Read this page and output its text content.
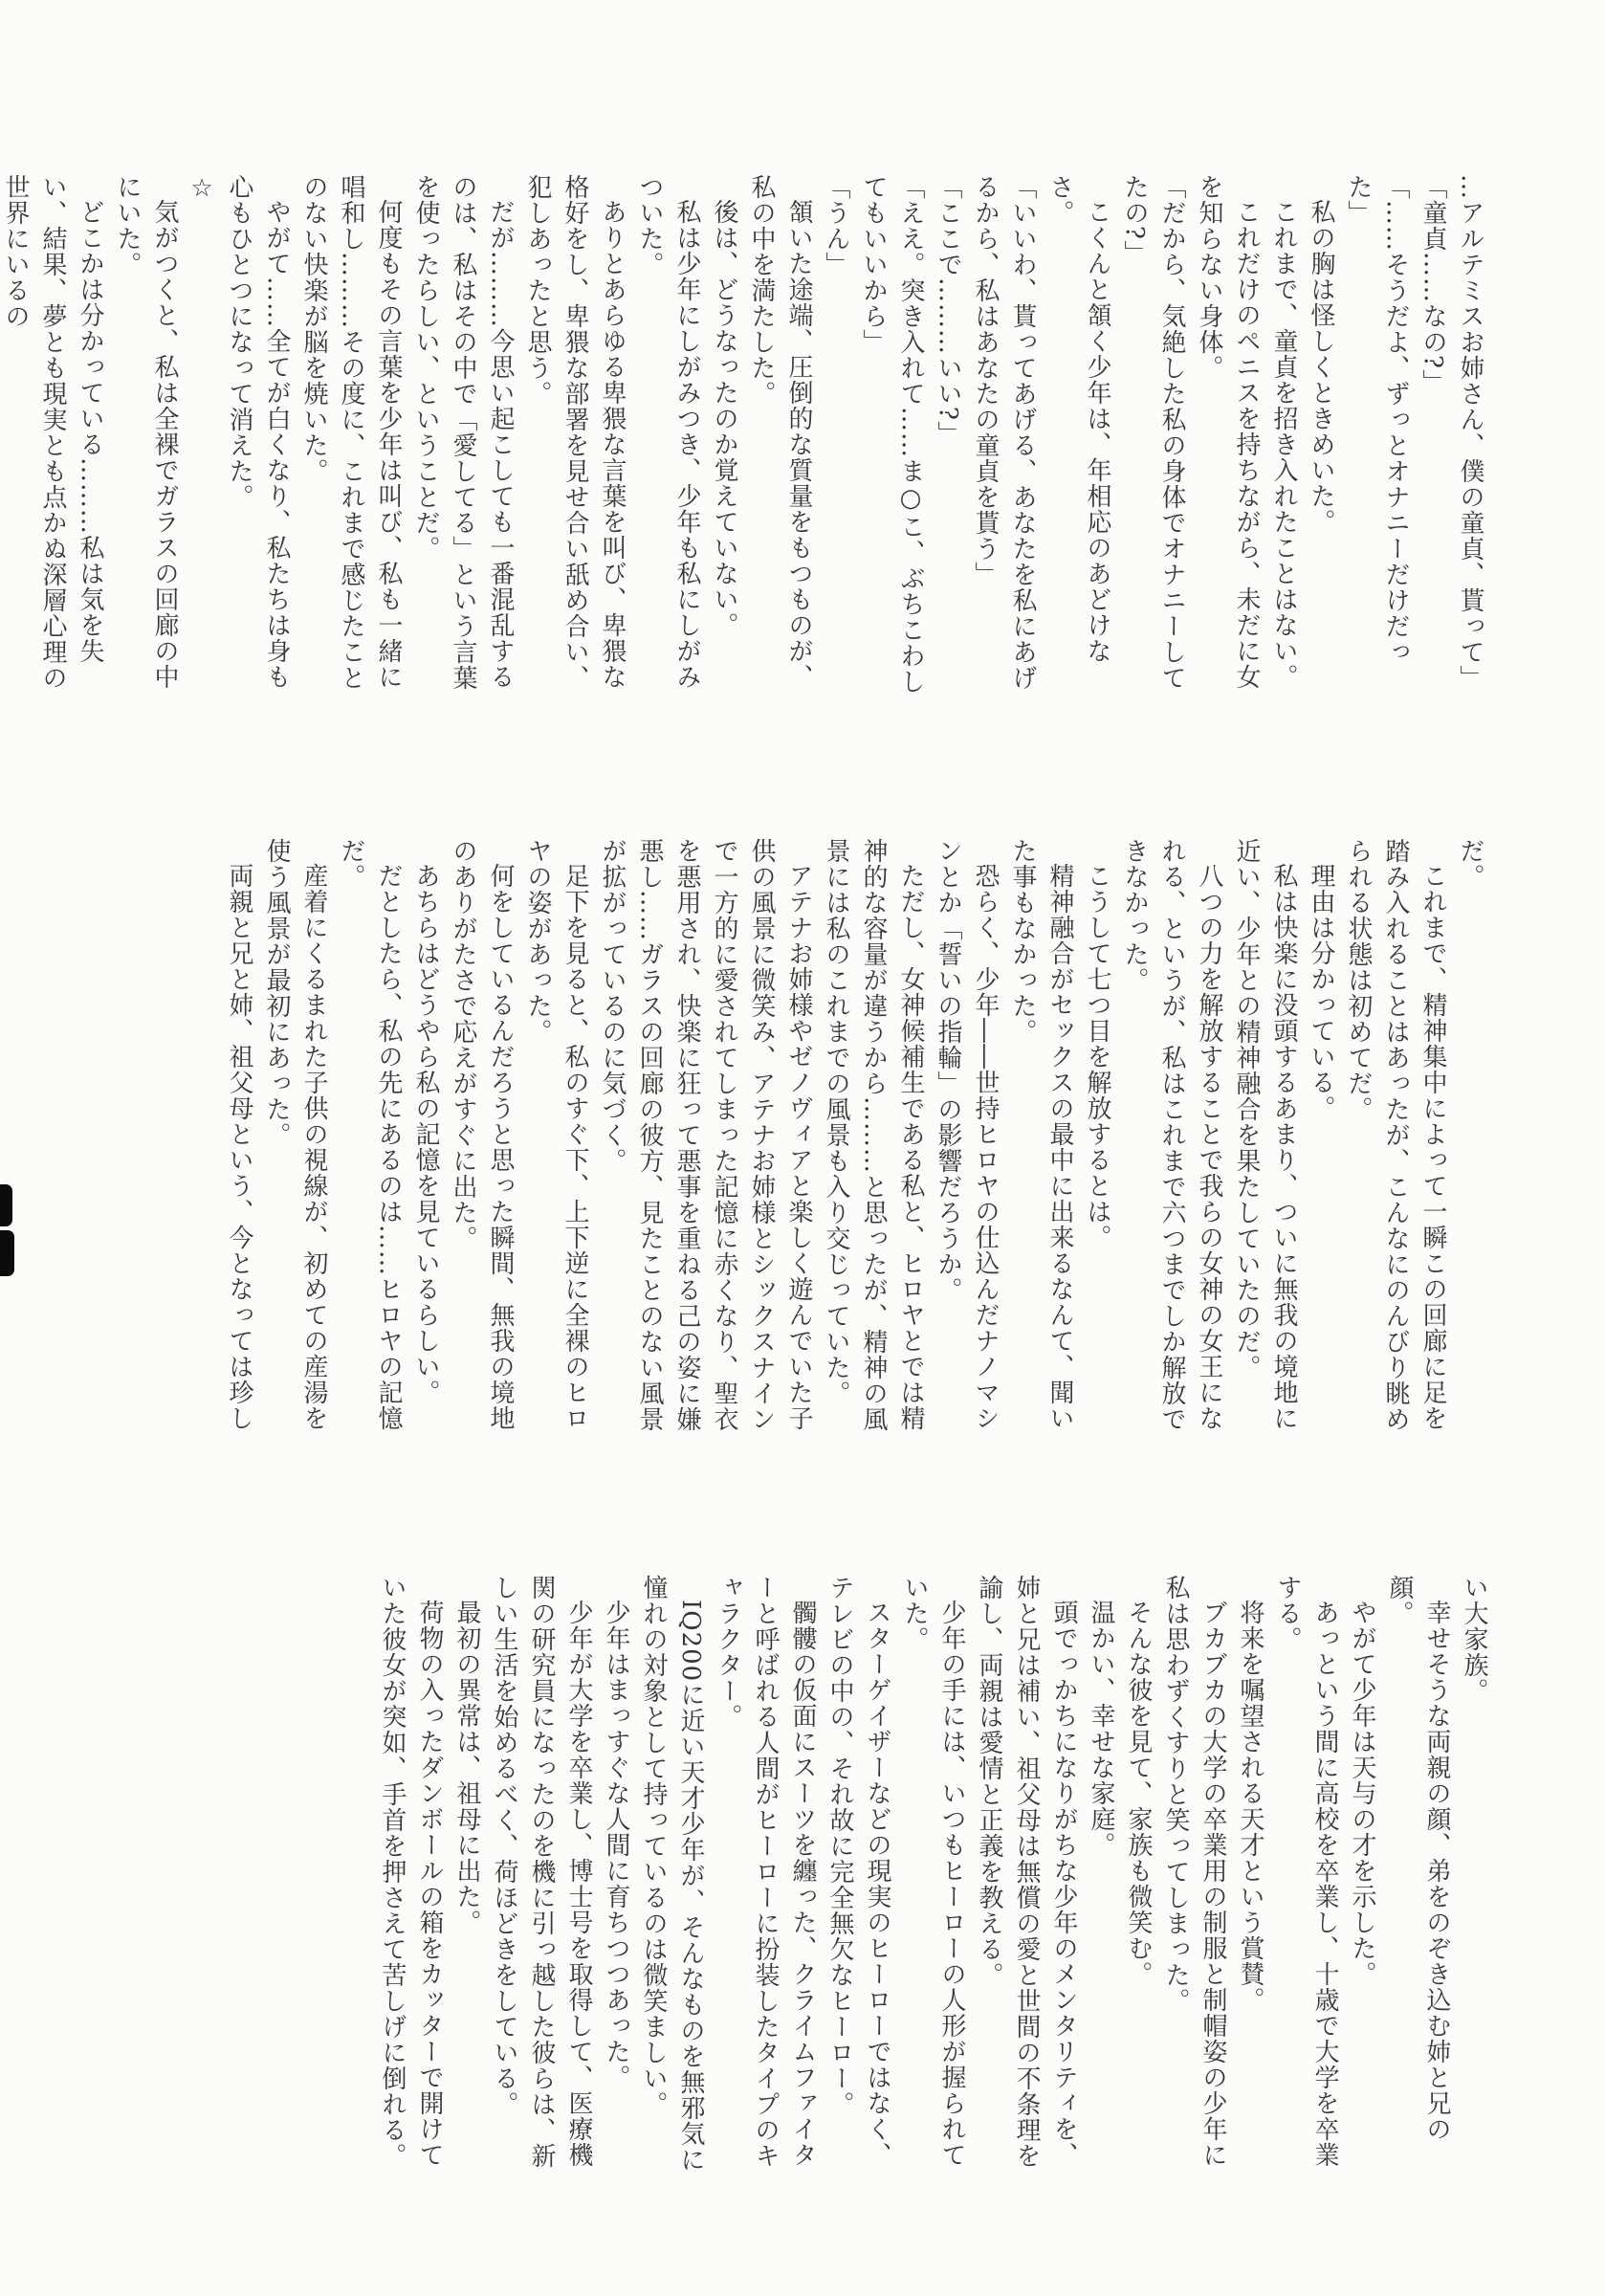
…アルテミスお姉さん、僕の童貞、貰って」

「童貞……なの?」

「……そうだよ、ずっとオナニーだけだった」

私の胸は怪しくときめいた。

これまで、童貞を招き入れたことはない。

これだけのペニスを持ちながら、未だに女を知らない身体。

「だから、気絶した私の身体でオナニーしてたの?」

こくんと頷く少年は、年相応のあどけなさ。

「いいわ、貰ってあげる、あなたを私にあげるから、私はあなたの童貞を貰う」

「ここで………いい?」

「ええ。突き入れて……ま○こ、ぶちこわしてもいいから」

「うん」

頷いた途端、圧倒的な質量をもつものが、私の中を満たした。

後は、どうなったのか覚えていない。

私は少年にしがみつき、少年も私にしがみついた。

ありとあらゆる卑猥な言葉を叫び、卑猥な格好をし、卑猥な部署を見せ合い舐め合い、犯しあったと思う。

だが………今思い起こしても一番混乱するのは、私はその中で「愛してる」という言葉を使ったらしい、ということだ。

何度もその言葉を少年は叫び、私も一緒に唱和し………その度に、これまで感じたことのない快楽が脳を焼いた。

やがて……全てが白くなり、私たちは身も心もひとつになって消えた。

☆

気がつくと、私は全裸でガラスの回廊の中にいた。

どこかは分かっている………私は気を失い、結果、夢とも現実とも点かぬ深層心理の世界にいるの

だ。

これまで、精神集中によって一瞬この回廊に足を踏み入れることはあったが、こんなにのんびり眺められる状態は初めてだ。

理由は分かっている。

私は快楽に没頭するあまり、ついに無我の境地に近い、少年との精神融合を果たしていたのだ。

八つの力を解放することで我らの女神の女王になれる、というが、私はこれまで六つまでしか解放できなかった。

こうして七つ目を解放するとは。

精神融合がセックスの最中に出来るなんて、聞いた事もなかった。

恐らく、少年――世持ヒロヤの仕込んだナノマシンとか「誓いの指輪」の影響だろうか。

ただし、女神候補生である私と、ヒロヤとでは精神的な容量が違うから………と思ったが、精神の風景には私のこれまでの風景も入り交じっていた。

アテナお姉様やゼノヴィアと楽しく遊んでいた子供の風景に微笑み、アテナお姉様とシックスナインで一方的に愛されてしまった記憶に赤くなり、聖衣を悪用され、快楽に狂って悪事を重ねる己の姿に嫌悪し……ガラスの回廊の彼方、見たことのない風景が拡がっているのに気づく。

足下を見ると、私のすぐ下、上下逆に全裸のヒロヤの姿があった。

何をしているんだろうと思った瞬間、無我の境地のありがたさで応えがすぐに出た。

あちらはどうやら私の記憶を見ているらしい。

だとしたら、私の先にあるのは……ヒロヤの記憶だ。

産着にくるまれた子供の視線が、初めての産湯を使う風景が最初にあった。

両親と兄と姉、祖父母という、今となっては珍し

い大家族。

幸せそうな両親の顔、弟をのぞき込む姉と兄の顔。

やがて少年は天与の才を示した。

あっという間に高校を卒業し、十歳で大学を卒業する。

将来を嘱望される天才という賞賛。

ブカブカの大学の卒業用の制服と制帽姿の少年に私は思わずくすりと笑ってしまった。

そんな彼を見て、家族も微笑む。

温かい、幸せな家庭。

頭でっかちになりがちな少年のメンタリティを、姉と兄は補い、祖父母は無償の愛と世間の不条理を諭し、両親は愛情と正義を教える。

少年の手には、いつもヒーローの人形が握られていた。

スターゲイザーなどの現実のヒーローではなく、テレビの中の、それ故に完全無欠なヒーロー。

髑髏の仮面にスーツを纏った、クライムファイターと呼ばれる人間がヒーローに扮装したタイプのキャラクター。

IQ200に近い天才少年が、そんなものを無邪気に憧れの対象として持っているのは微笑ましい。

少年はまっすぐな人間に育ちつつあった。

少年が大学を卒業し、博士号を取得して、医療機関の研究員になったのを機に引っ越した彼らは、新しい生活を始めるべく、荷ほどきをしている。

最初の異常は、祖母に出た。

荷物の入ったダンボールの箱をカッターで開けていた彼女が突如、手首を押さえて苦しげに倒れる。
